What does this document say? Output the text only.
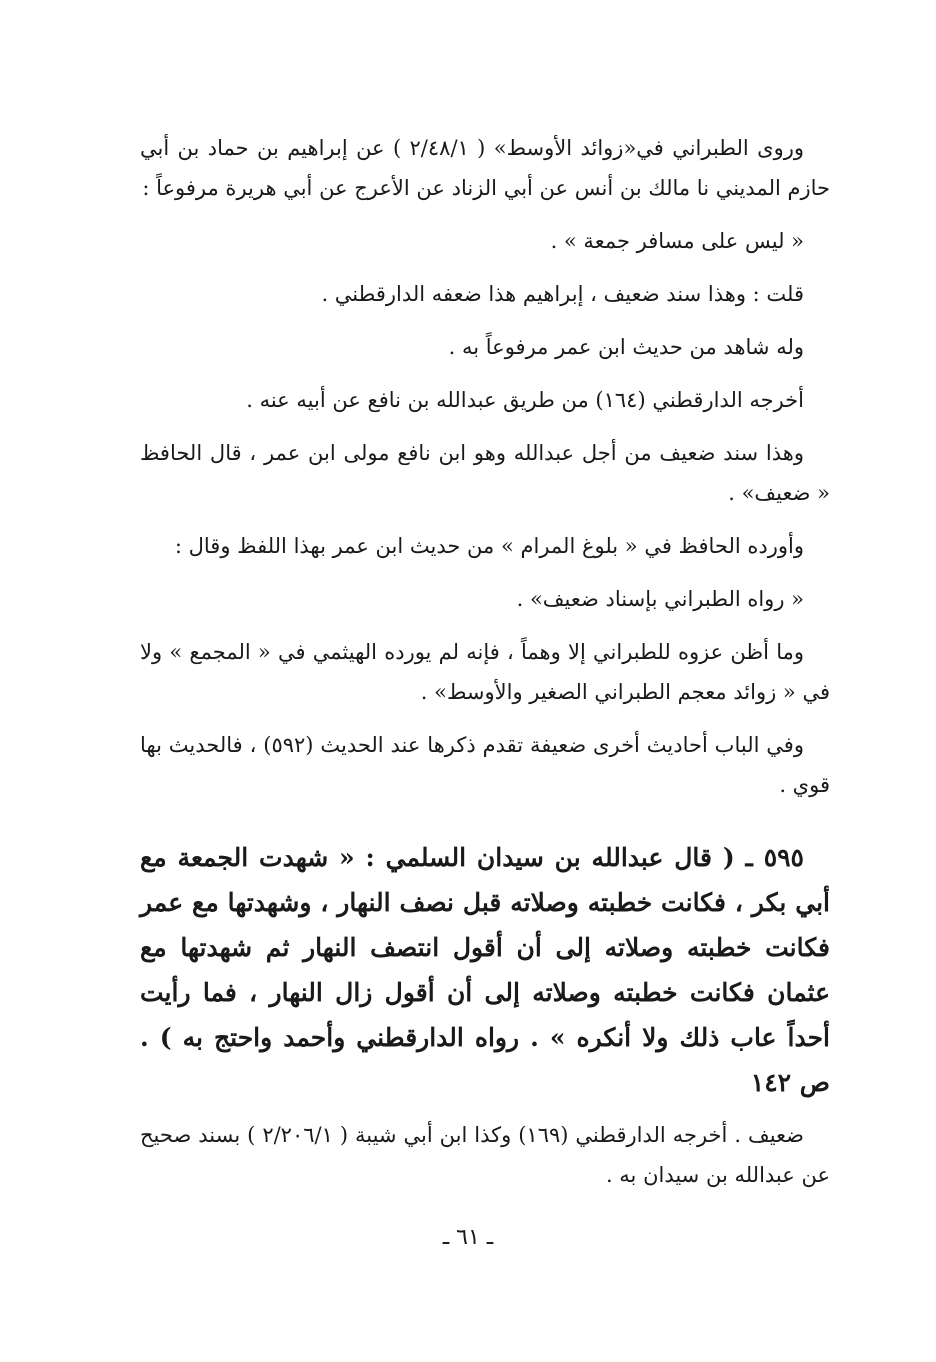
وروى الطبراني في«زوائد الأوسط» ( ٢/٤٨/١ ) عن إبراهيم بن حماد بن أبي حازم المديني نا مالك بن أنس عن أبي الزناد عن الأعرج عن أبي هريرة مرفوعاً :

« ليس على مسافر جمعة » .

قلت : وهذا سند ضعيف ، إبراهيم هذا ضعفه الدارقطني .

وله شاهد من حديث ابن عمر مرفوعاً به .

أخرجه الدارقطني (١٦٤) من طريق عبدالله بن نافع عن أبيه عنه .

وهذا سند ضعيف من أجل عبدالله وهو ابن نافع مولى ابن عمر ، قال الحافظ « ضعيف» .

وأورده الحافظ في « بلوغ المرام » من حديث ابن عمر بهذا اللفظ وقال :

« رواه الطبراني بإسناد ضعيف» .

وما أظن عزوه للطبراني إلا وهماً ، فإنه لم يورده الهيثمي في « المجمع » ولا في « زوائد معجم الطبراني الصغير والأوسط» .

وفي الباب أحاديث أخرى ضعيفة تقدم ذكرها عند الحديث (٥٩٢) ، فالحديث بها قوي .

٥٩٥ ـ ( قال عبدالله بن سيدان السلمي : « شهدت الجمعة مع أبي بكر ، فكانت خطبته وصلاته قبل نصف النهار ، وشهدتها مع عمر فكانت خطبته وصلاته إلى أن أقول انتصف النهار ثم شهدتها مع عثمان فكانت خطبته وصلاته إلى أن أقول زال النهار ، فما رأيت أحداً عاب ذلك ولا أنكره » . رواه الدارقطني وأحمد واحتج به ) . ص ١٤٢

ضعيف . أخرجه الدارقطني (١٦٩) وكذا ابن أبي شيبة ( ٢/٢٠٦/١ ) بسند صحيح عن عبدالله بن سيدان به .

ـ ٦١ ـ
